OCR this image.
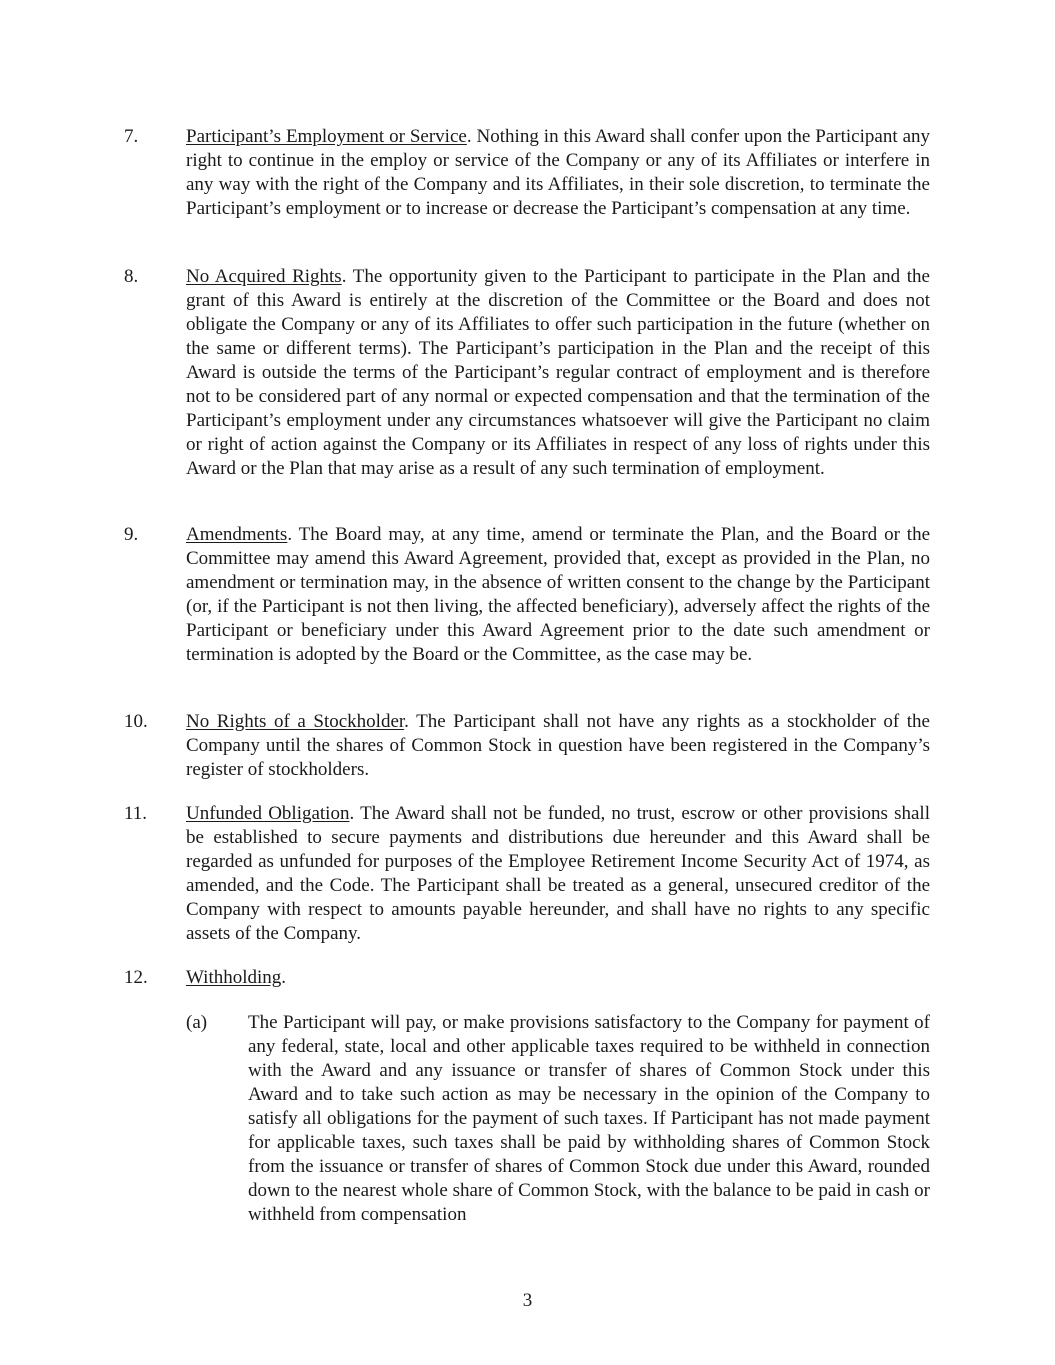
7.	Participant’s Employment or Service. Nothing in this Award shall confer upon the Participant any right to continue in the employ or service of the Company or any of its Affiliates or interfere in any way with the right of the Company and its Affiliates, in their sole discretion, to terminate the Participant’s employment or to increase or decrease the Participant’s compensation at any time.
8.	No Acquired Rights. The opportunity given to the Participant to participate in the Plan and the grant of this Award is entirely at the discretion of the Committee or the Board and does not obligate the Company or any of its Affiliates to offer such participation in the future (whether on the same or different terms). The Participant’s participation in the Plan and the receipt of this Award is outside the terms of the Participant’s regular contract of employment and is therefore not to be considered part of any normal or expected compensation and that the termination of the Participant’s employment under any circumstances whatsoever will give the Participant no claim or right of action against the Company or its Affiliates in respect of any loss of rights under this Award or the Plan that may arise as a result of any such termination of employment.
9.	Amendments. The Board may, at any time, amend or terminate the Plan, and the Board or the Committee may amend this Award Agreement, provided that, except as provided in the Plan, no amendment or termination may, in the absence of written consent to the change by the Participant (or, if the Participant is not then living, the affected beneficiary), adversely affect the rights of the Participant or beneficiary under this Award Agreement prior to the date such amendment or termination is adopted by the Board or the Committee, as the case may be.
10. No Rights of a Stockholder. The Participant shall not have any rights as a stockholder of the Company until the shares of Common Stock in question have been registered in the Company’s register of stockholders.
11. Unfunded Obligation. The Award shall not be funded, no trust, escrow or other provisions shall be established to secure payments and distributions due hereunder and this Award shall be regarded as unfunded for purposes of the Employee Retirement Income Security Act of 1974, as amended, and the Code. The Participant shall be treated as a general, unsecured creditor of the Company with respect to amounts payable hereunder, and shall have no rights to any specific assets of the Company.
12. Withholding.
(a) The Participant will pay, or make provisions satisfactory to the Company for payment of any federal, state, local and other applicable taxes required to be withheld in connection with the Award and any issuance or transfer of shares of Common Stock under this Award and to take such action as may be necessary in the opinion of the Company to satisfy all obligations for the payment of such taxes. If Participant has not made payment for applicable taxes, such taxes shall be paid by withholding shares of Common Stock from the issuance or transfer of shares of Common Stock due under this Award, rounded down to the nearest whole share of Common Stock, with the balance to be paid in cash or withheld from compensation
3
